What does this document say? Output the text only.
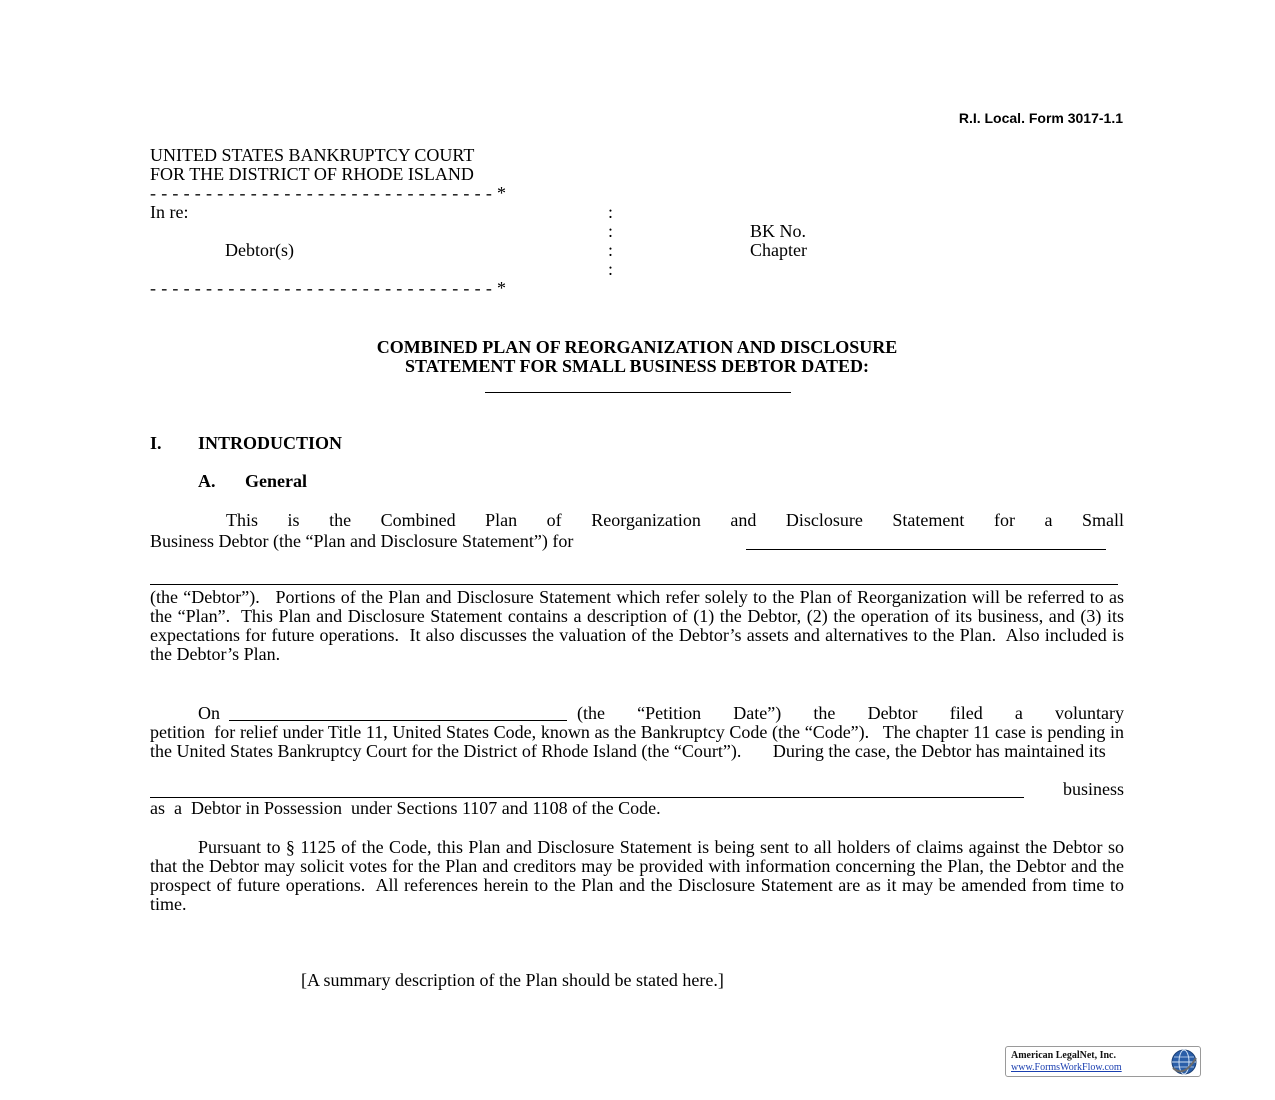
R.I. Local. Form 3017-1.1
UNITED STATES BANKRUPTCY COURT
FOR THE DISTRICT OF RHODE ISLAND
- - - - - - - - - - - - - - - - - - - - - - - - - - - - - - - *
In re:	:
:	BK No.
Debtor(s)	:	Chapter
:
- - - - - - - - - - - - - - - - - - - - - - - - - - - - - - - *
COMBINED PLAN OF REORGANIZATION AND DISCLOSURE
STATEMENT FOR SMALL BUSINESS DEBTOR DATED:
I. INTRODUCTION
A. General
This is the Combined Plan of Reorganization and Disclosure Statement for a Small
Business Debtor (the “Plan and Disclosure Statement”) for
(the “Debtor”).   Portions of the Plan and Disclosure Statement which refer solely to the Plan of Reorganization will be referred to as the “Plan”.  This Plan and Disclosure Statement contains a description of (1) the Debtor, (2) the operation of its business, and (3) its expectations for future operations.  It also discusses the valuation of the Debtor’s assets and alternatives to the Plan.  Also included is the Debtor’s Plan.
On	(the “Petition Date”) the Debtor filed a voluntary
petition  for relief under Title 11, United States Code, known as the Bankruptcy Code (the “Code”).   The chapter 11 case is pending in the United States Bankruptcy Court for the District of Rhode Island (the “Court”).       During the case, the Debtor has maintained its
business
as  a  Debtor in Possession  under Sections 1107 and 1108 of the Code.
Pursuant to § 1125 of the Code, this Plan and Disclosure Statement is being sent to all holders of claims against the Debtor so that the Debtor may solicit votes for the Plan and creditors may be provided with information concerning the Plan, the Debtor and the prospect of future operations.  All references herein to the Plan and the Disclosure Statement are as it may be amended from time to time.
[A summary description of the Plan should be stated here.]
American LegalNet, Inc.
www.FormsWorkFlow.com
